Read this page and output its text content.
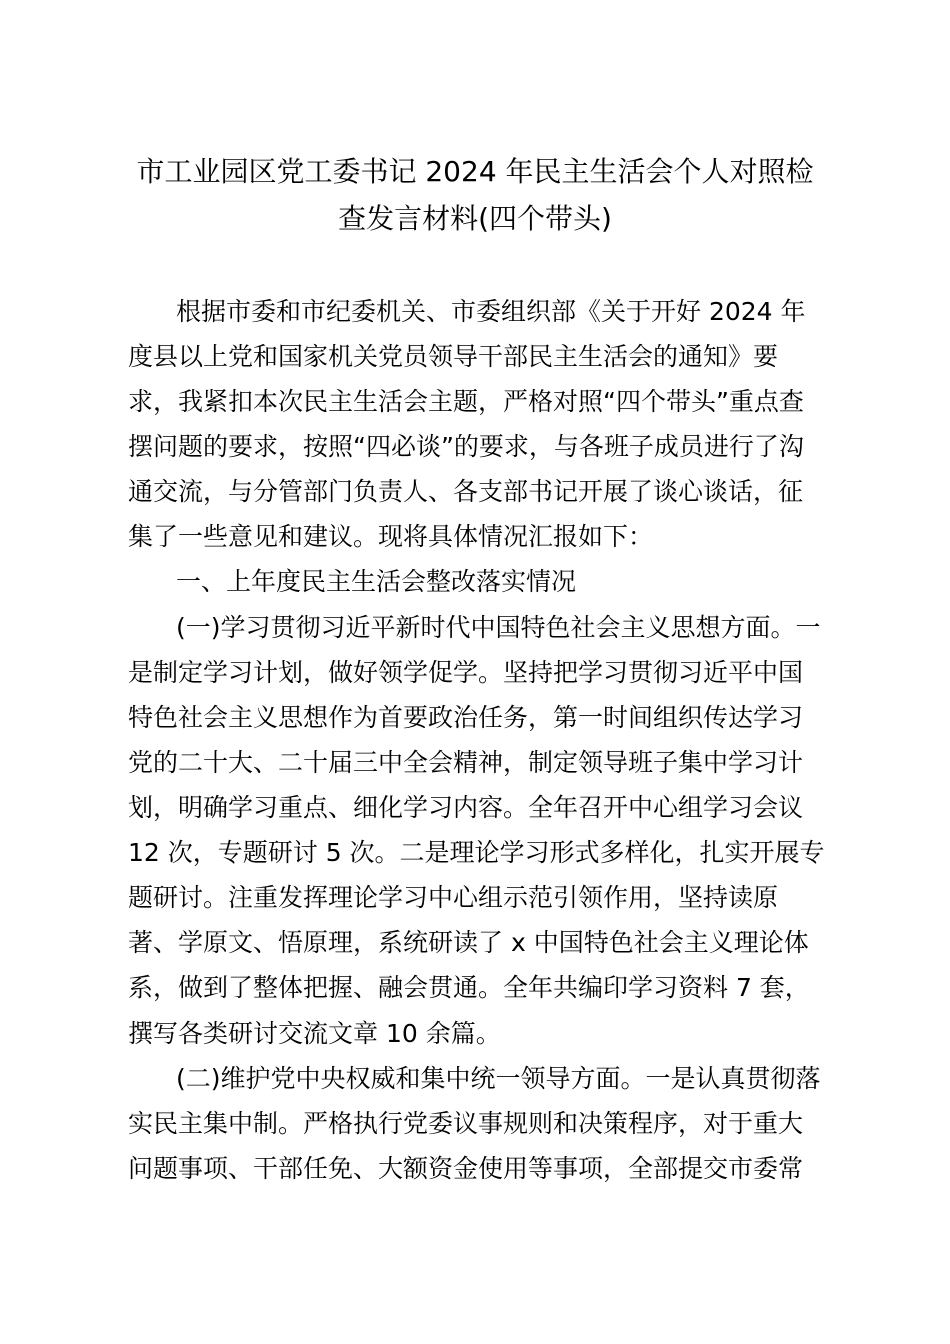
市工业园区党工委书记 2024 年民主生活会个人对照检
查发言材料(四个带头)
根据市委和市纪委机关、市委组织部《关于开好 2024 年
度县以上党和国家机关党员领导干部民主生活会的通知》要
求，我紧扣本次民主生活会主题，严格对照“四个带头”重点查
摆问题的要求，按照“四必谈”的要求，与各班子成员进行了沟
通交流，与分管部门负责人、各支部书记开展了谈心谈话，征
集了一些意见和建议。现将具体情况汇报如下：
一、上年度民主生活会整改落实情况
(一)学习贯彻习近平新时代中国特色社会主义思想方面。一
是制定学习计划，做好领学促学。坚持把学习贯彻习近平中国
特色社会主义思想作为首要政治任务，第一时间组织传达学习
党的二十大、二十届三中全会精神，制定领导班子集中学习计
划，明确学习重点、细化学习内容。全年召开中心组学习会议
12 次，专题研讨 5 次。二是理论学习形式多样化，扎实开展专
题研讨。注重发挥理论学习中心组示范引领作用，坚持读原
著、学原文、悟原理，系统研读了 x 中国特色社会主义理论体
系，做到了整体把握、融会贯通。全年共编印学习资料 7 套，
撰写各类研讨交流文章 10 余篇。
(二)维护党中央权威和集中统一领导方面。一是认真贯彻落
实民主集中制。严格执行党委议事规则和决策程序，对于重大
问题事项、干部任免、大额资金使用等事项，全部提交市委常
